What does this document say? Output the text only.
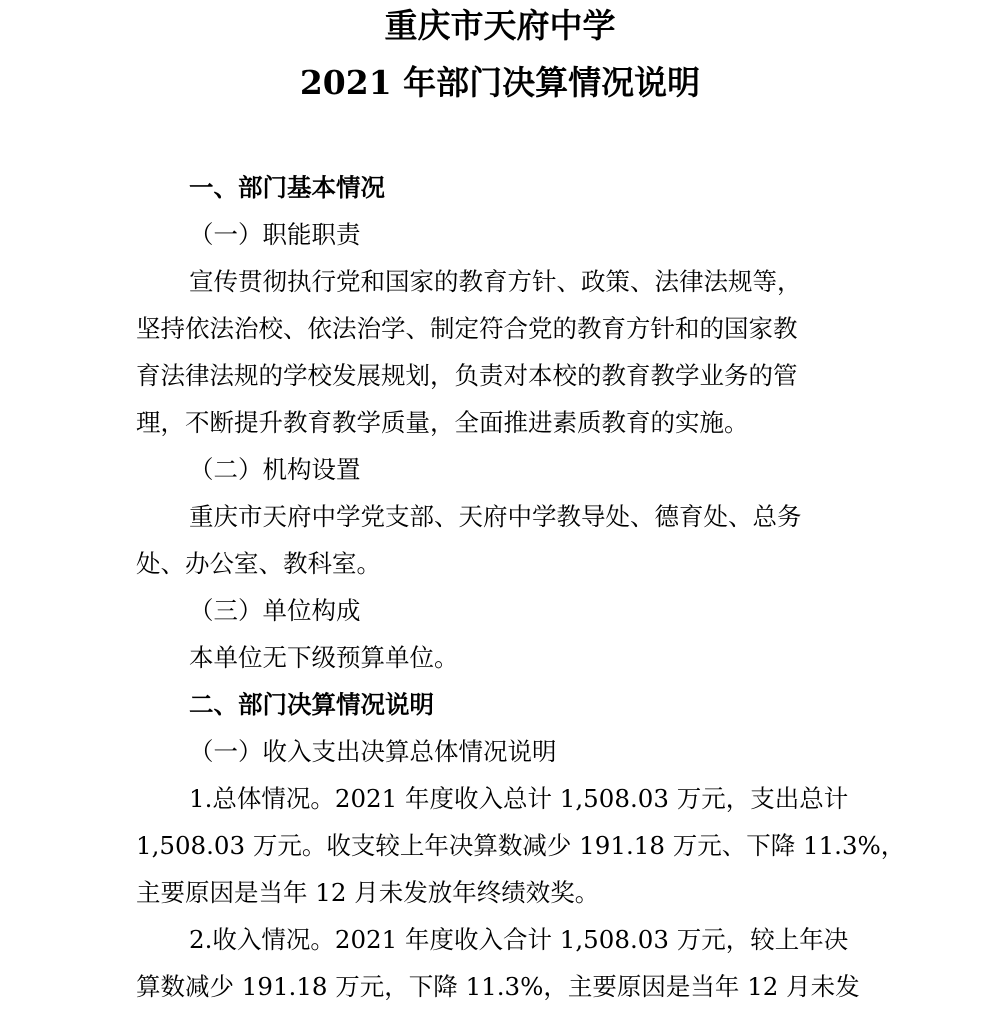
重庆市天府中学
2021 年部门决算情况说明

一、部门基本情况

（一）职能职责

宣传贯彻执行党和国家的教育方针、政策、法律法规等，

坚持依法治校、依法治学、制定符合党的教育方针和的国家教

育法律法规的学校发展规划，负责对本校的教育教学业务的管

理，不断提升教育教学质量，全面推进素质教育的实施。

（二）机构设置

重庆市天府中学党支部、天府中学教导处、德育处、总务

处、办公室、教科室。

（三）单位构成

本单位无下级预算单位。

二、部门决算情况说明

（一）收入支出决算总体情况说明

1.总体情况。2021 年度收入总计 1,508.03 万元，支出总计

1,508.03 万元。收支较上年决算数减少 191.18 万元、下降 11.3%，

主要原因是当年 12 月未发放年终绩效奖。

2.收入情况。2021 年度收入合计 1,508.03 万元，较上年决

算数减少 191.18 万元，下降 11.3%，主要原因是当年 12 月未发
